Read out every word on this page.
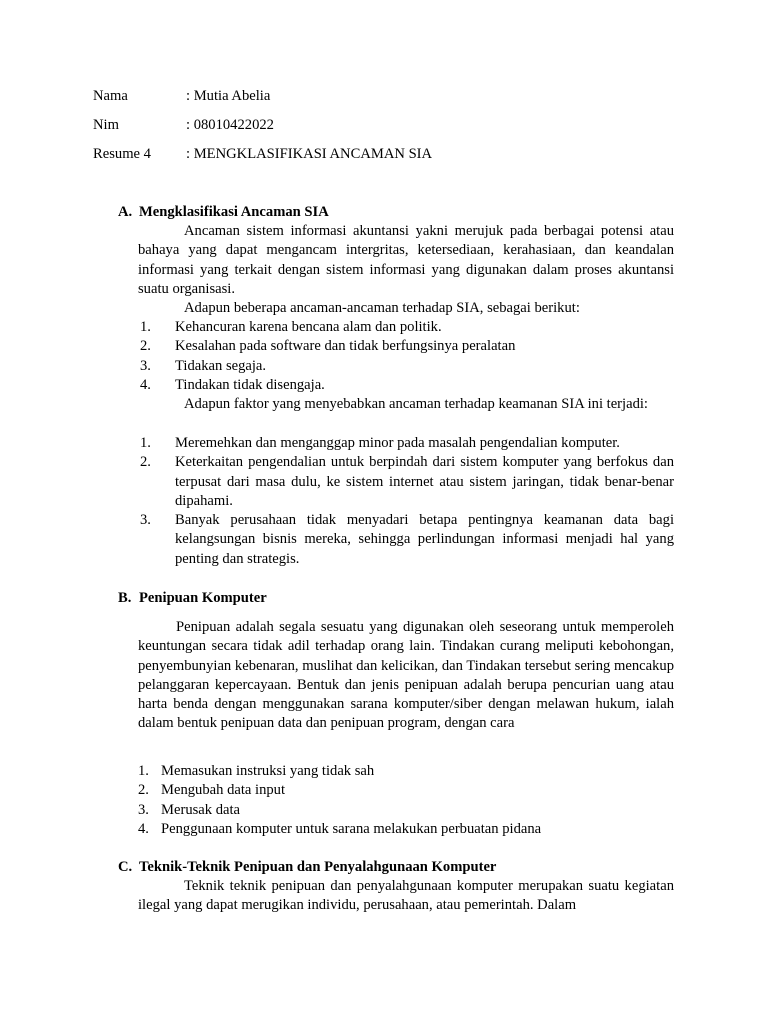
Nama	: Mutia Abelia
Nim	: 08010422022
Resume 4 : MENGKLASIFIKASI ANCAMAN SIA
A. Mengklasifikasi Ancaman SIA

Ancaman sistem informasi akuntansi yakni merujuk pada berbagai potensi atau bahaya yang dapat mengancam intergritas, ketersediaan, kerahasiaan, dan keandalan informasi yang terkait dengan sistem informasi yang digunakan dalam proses akuntansi suatu organisasi.

Adapun beberapa ancaman-ancaman terhadap SIA, sebagai berikut:

1. Kehancuran karena bencana alam dan politik.
2. Kesalahan pada software dan tidak berfungsinya peralatan
3. Tidakan segaja.
4. Tindakan tidak disengaja.

Adapun faktor yang menyebabkan ancaman terhadap keamanan SIA ini terjadi:

1. Meremehkan dan menganggap minor pada masalah pengendalian komputer.
2. Keterkaitan pengendalian untuk berpindah dari sistem komputer yang berfokus dan terpusat dari masa dulu, ke sistem internet atau sistem jaringan, tidak benar-benar dipahami.
3. Banyak perusahaan tidak menyadari betapa pentingnya keamanan data bagi kelangsungan bisnis mereka, sehingga perlindungan informasi menjadi hal yang penting dan strategis.
B. Penipuan Komputer

Penipuan adalah segala sesuatu yang digunakan oleh seseorang untuk memperoleh keuntungan secara tidak adil terhadap orang lain. Tindakan curang meliputi kebohongan, penyembunyian kebenaran, muslihat dan kelicikan, dan Tindakan tersebut sering mencakup pelanggaran kepercayaan. Bentuk dan jenis penipuan adalah berupa pencurian uang atau harta benda dengan menggunakan sarana komputer/siber dengan melawan hukum, ialah dalam bentuk penipuan data dan penipuan program, dengan cara

1. Memasukan instruksi yang tidak sah
2. Mengubah data input
3. Merusak data
4. Penggunaan komputer untuk sarana melakukan perbuatan pidana
C. Teknik-Teknik Penipuan dan Penyalahgunaan Komputer

Teknik teknik penipuan dan penyalahgunaan komputer merupakan suatu kegiatan ilegal yang dapat merugikan individu, perusahaan, atau pemerintah. Dalam
